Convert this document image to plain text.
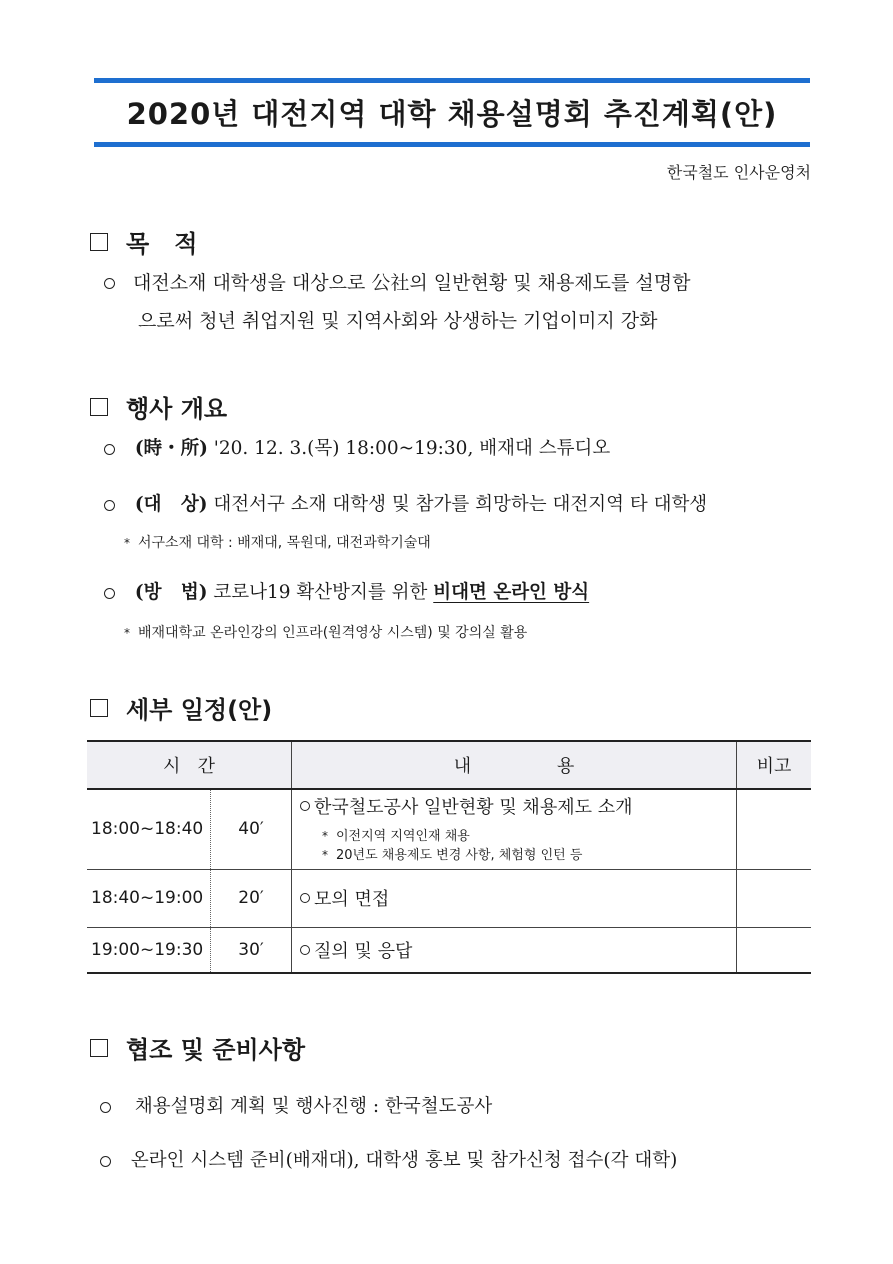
2020년 대전지역 대학 채용설명회 추진계획(안)
한국철도 인사운영처
목   적
대전소재 대학생을 대상으로 公社의 일반현황 및 채용제도를 설명함
으로써 청년 취업지원 및 지역사회와 상생하는 기업이미지 강화
행사 개요
(時・所) '20. 12. 3.(목) 18:00~19:30, 배재대 스튜디오
(대   상) 대전서구 소재 대학생 및 참가를 희망하는 대전지역 타 대학생
* 서구소재 대학 : 배재대, 목원대, 대전과학기술대
(방   법) 코로나19 확산방지를 위한 비대면 온라인 방식
* 배재대학교 온라인강의 인프라(원격영상 시스템) 및 강의실 활용
세부 일정(안)
시   간		내               용	비고
18:00~18:40	40′	한국철도공사 일반현황 및 채용제도 소개
* 이전지역 지역인재 채용
* 20년도 채용제도 변경 사항, 체험형 인턴 등	

18:40~19:00	20′	모의 면접	

19:00~19:30	30′	질의 및 응답	

협조 및 준비사항
채용설명회 계획 및 행사진행 : 한국철도공사
온라인 시스템 준비(배재대), 대학생 홍보 및 참가신청 접수(각 대학)
